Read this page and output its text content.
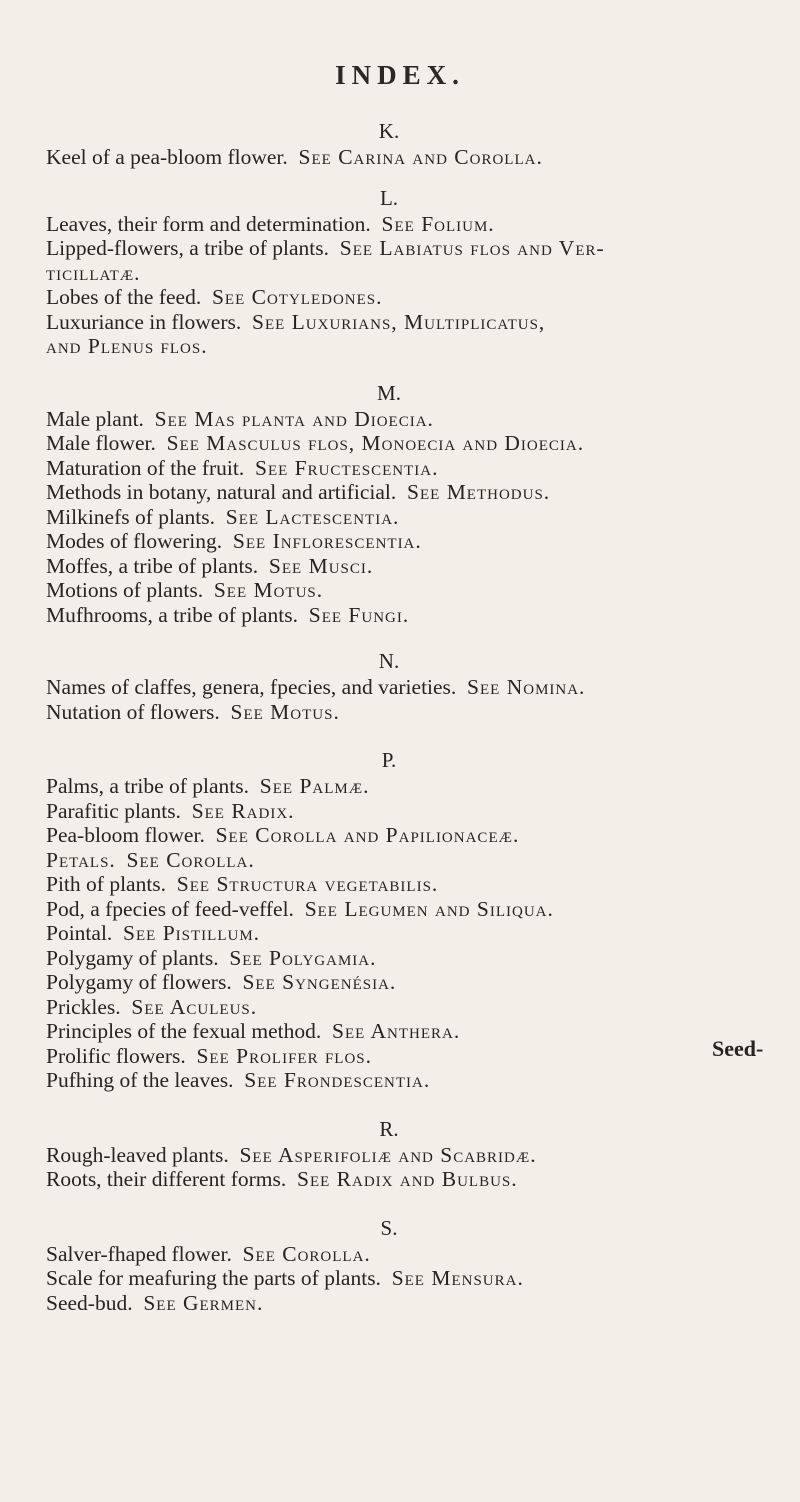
INDEX.
K.
Keel of a pea-bloom flower. See Carina and Corolla.
L.
Leaves, their form and determination. See Folium.
Lipped-flowers, a tribe of plants. See Labiatus flos and Ver-
ticillatæ.
Lobes of the feed. See Cotyledones.
Luxuriance in flowers. See Luxurians, Multiplicatus,
and Plenus flos.
M.
Male plant. See Mas planta and Dioecia.
Male flower. See Masculus flos, Monoecia and Dioecia.
Maturation of the fruit. See Fructescentia.
Methods in botany, natural and artificial. See Methodus.
Milkinefs of plants. See Lactescentia.
Modes of flowering. See Inflorescentia.
Moffes, a tribe of plants. See Musci.
Motions of plants. See Motus.
Mufhrooms, a tribe of plants. See Fungi.
N.
Names of claffes, genera, fpecies, and varieties. See Nomina.
Nutation of flowers. See Motus.
P.
Palms, a tribe of plants. See Palmæ.
Parafitic plants. See Radix.
Pea-bloom flower. See Corolla and Papilionaceæ.
Petals. See Corolla.
Pith of plants. See Structura vegetabilis.
Pod, a fpecies of feed-veffel. See Legumen and Siliqua.
Pointal. See Pistillum.
Polygamy of plants. See Polygamia.
Polygamy of flowers. See Syngenésia.
Prickles. See Aculeus.
Principles of the fexual method. See Anthera.
Prolific flowers. See Prolifer flos.
Pufhing of the leaves. See Frondescentia.
R.
Rough-leaved plants. See Asperifoliæ and Scabridæ.
Roots, their different forms. See Radix and Bulbus.
S.
Salver-fhaped flower. See Corolla.
Scale for meafuring the parts of plants. See Mensura.
Seed-bud. See Germen.
Seed-
